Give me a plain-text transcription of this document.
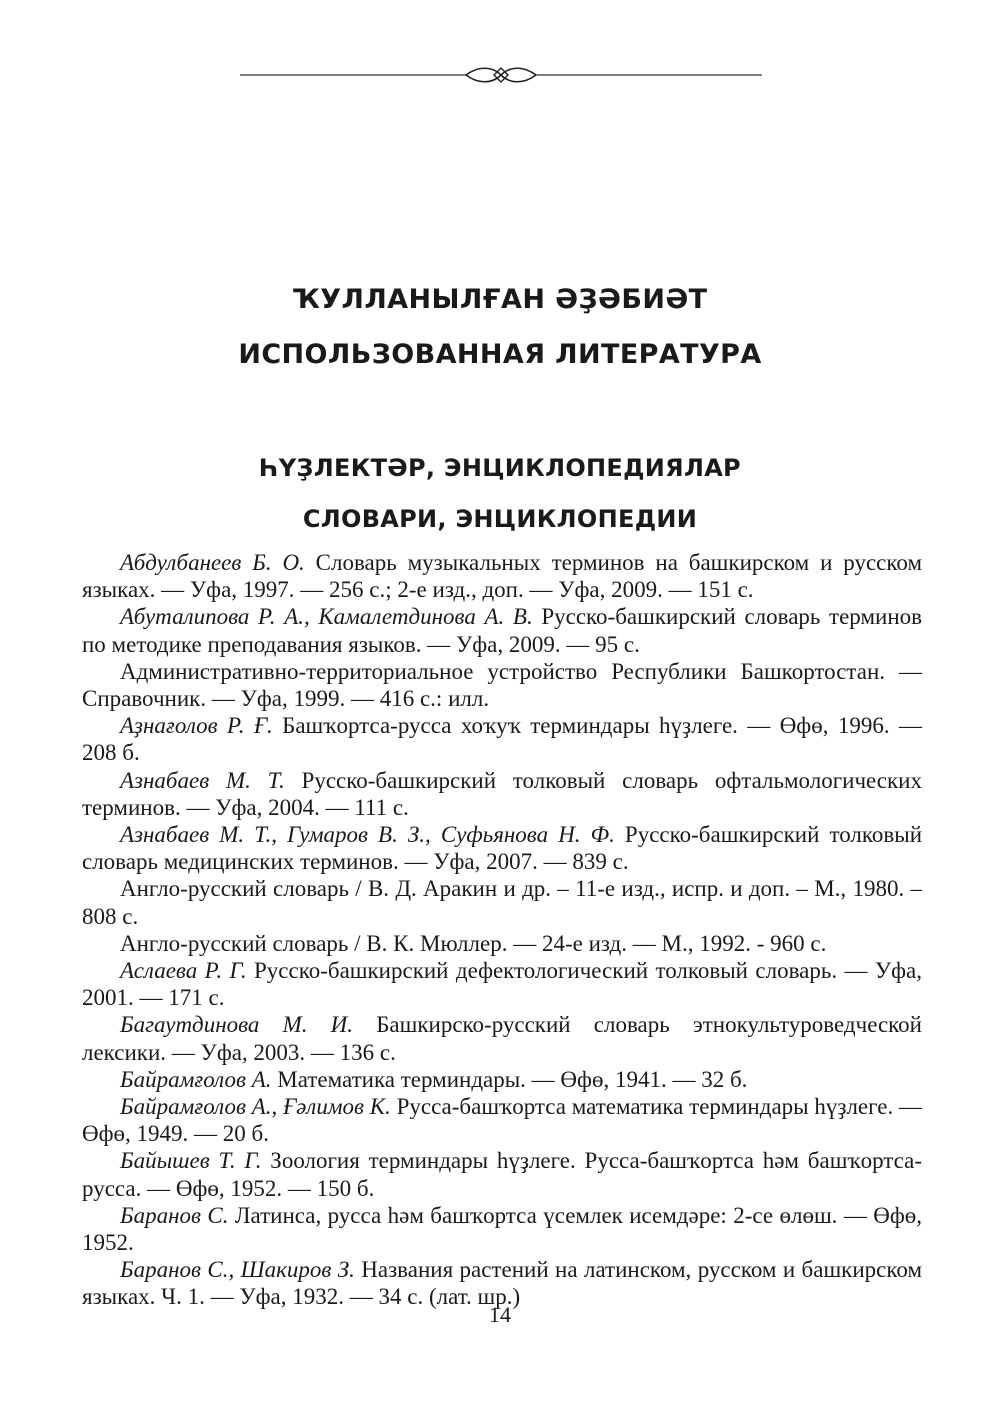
ҠУЛЛАНЫЛҒАН ӘҘӘБИӘТ
ИСПОЛЬЗОВАННАЯ ЛИТЕРАТУРА
ҺҮҘЛЕКТӘР, ЭНЦИКЛОПЕДИЯЛАР
СЛОВАРИ, ЭНЦИКЛОПЕДИИ

Абдулбанеев Б. О. Словарь музыкальных терминов на башкирском и русском языках. — Уфа, 1997. — 256 с.; 2-е изд., доп. — Уфа, 2009. — 151 с.

Абуталипова Р. А., Камалетдинова А. В. Русско-башкирский словарь терминов по методике преподавания языков. — Уфа, 2009. — 95 с.

Административно-территориальное устройство Республики Башкортостан. — Справочник. — Уфа, 1999. — 416 с.: илл.

Аҙнағолов Р. Ғ. Башҡортса-русса хоҡуҡ терминдары һүҙлеге. — Өфө, 1996. — 208 б.

Азнабаев М. Т. Русско-башкирский толковый словарь офтальмологических терминов. — Уфа, 2004. — 111 с.

Азнабаев М. Т., Гумаров В. З., Суфьянова Н. Ф. Русско-башкирский толковый словарь медицинских терминов. — Уфа, 2007. — 839 с.

Англо-русский словарь / В. Д. Аракин и др. – 11-е изд., испр. и доп. – М., 1980. – 808 с.

Англо-русский словарь / В. К. Мюллер. — 24-е изд. — М., 1992. - 960 с.

Аслаева Р. Г. Русско-башкирский дефектологический толковый словарь. — Уфа, 2001. — 171 с.

Багаутдинова М. И. Башкирско-русский словарь этнокультуроведческой лексики. — Уфа, 2003. — 136 с.

Байрамғолов А. Математика терминдары. — Өфө, 1941. — 32 б.

Байрамғолов А., Ғәлимов К. Русса-башҡортса математика терминдары һүҙлеге. — Өфө, 1949. — 20 б.

Байышев Т. Г. Зоология терминдары һүҙлеге. Русса-башҡортса һәм башҡортса-русса. — Өфө, 1952. — 150 б.

Баранов С. Латинса, русса һәм башҡортса үсемлек исемдәре: 2-се өлөш. — Өфө, 1952.

Баранов С., Шакиров З. Названия растений на латинском, русском и башкирском языках. Ч. 1. — Уфа, 1932. — 34 с. (лат. шр.)

14
